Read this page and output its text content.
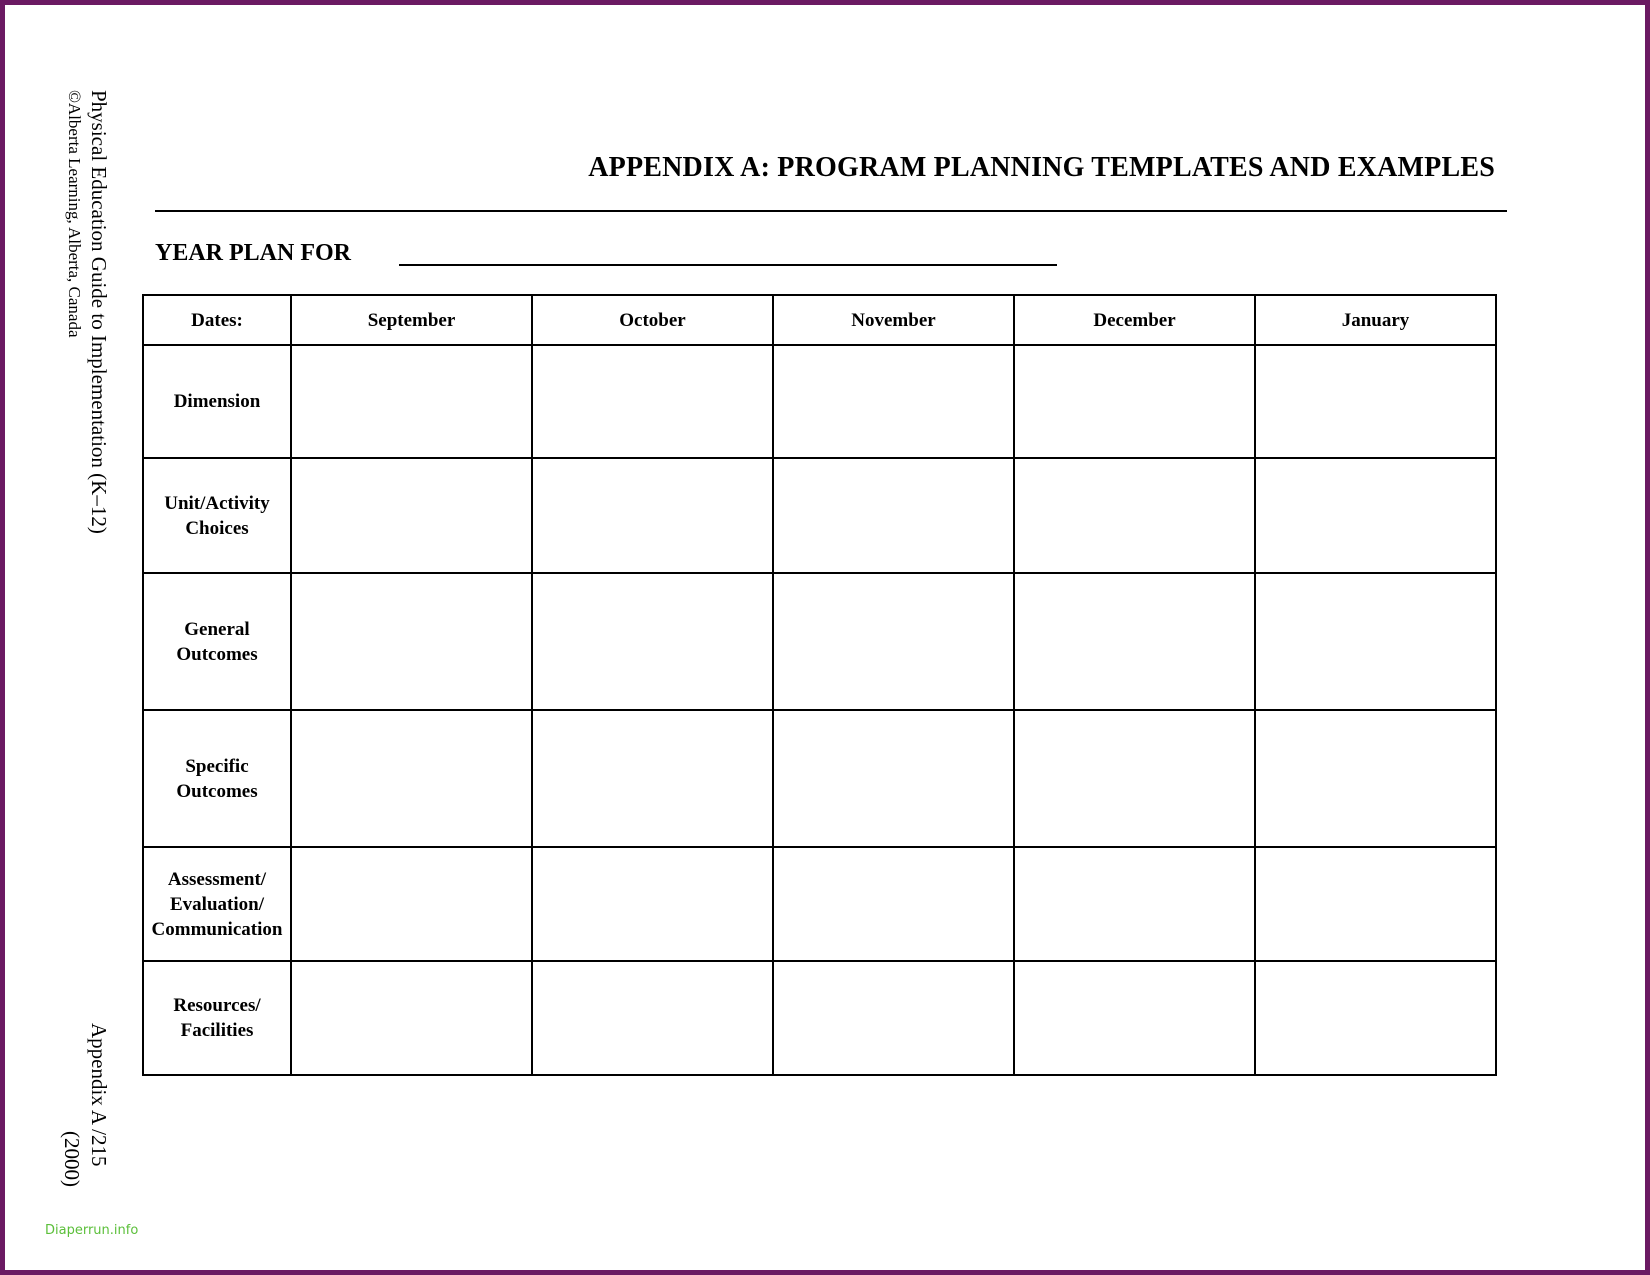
Physical Education Guide to Implementation (K–12)
©Alberta Learning, Alberta, Canada
Appendix A /215
(2000)
APPENDIX A: PROGRAM PLANNING TEMPLATES AND EXAMPLES
YEAR PLAN FOR
Dates:	September	October	November	December	January
Dimension					
Unit/Activity Choices					
General Outcomes					
Specific Outcomes					
Assessment/ Evaluation/ Communication					
Resources/ Facilities					
Diaperrun.info
